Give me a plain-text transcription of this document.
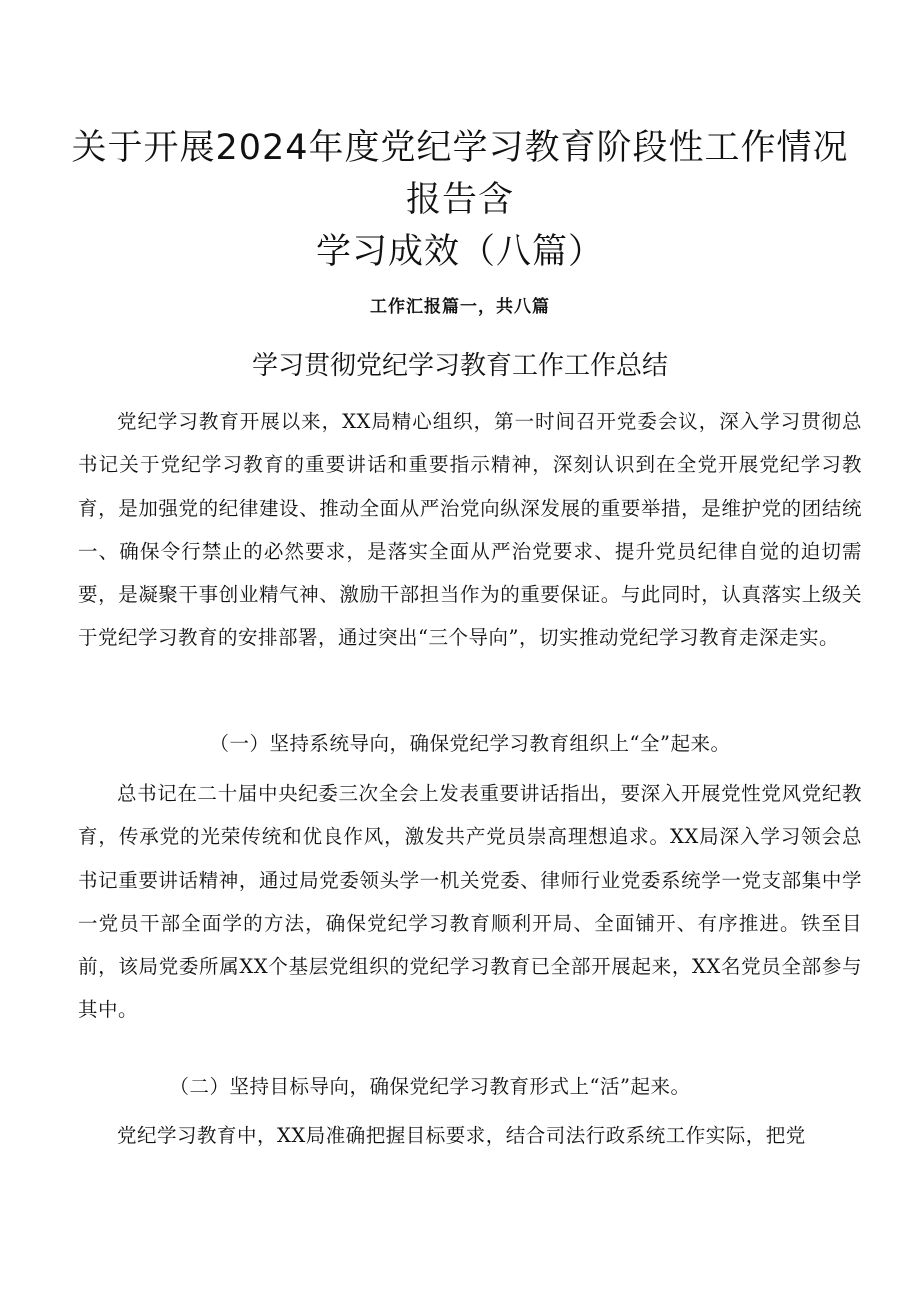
关于开展2024年度党纪学习教育阶段性工作情况报告含
学习成效（八篇）

工作汇报篇一，共八篇

学习贯彻党纪学习教育工作工作总结

党纪学习教育开展以来，XX局精心组织，第一时间召开党委会议，深入学习贯彻总书记关于党纪学习教育的重要讲话和重要指示精神，深刻认识到在全党开展党纪学习教育，是加强党的纪律建设、推动全面从严治党向纵深发展的重要举措，是维护党的团结统一、确保令行禁止的必然要求，是落实全面从严治党要求、提升党员纪律自觉的迫切需要，是凝聚干事创业精气神、激励干部担当作为的重要保证。与此同时，认真落实上级关于党纪学习教育的安排部署，通过突出“三个导向”，切实推动党纪学习教育走深走实。

（一）坚持系统导向，确保党纪学习教育组织上“全”起来。

总书记在二十届中央纪委三次全会上发表重要讲话指出，要深入开展党性党风党纪教育，传承党的光荣传统和优良作风，激发共产党员崇高理想追求。XX局深入学习领会总书记重要讲话精神，通过局党委领头学一机关党委、律师行业党委系统学一党支部集中学一党员干部全面学的方法，确保党纪学习教育顺利开局、全面铺开、有序推进。铁至目前，该局党委所属XX个基层党组织的党纪学习教育已全部开展起来，XX名党员全部参与其中。

（二）坚持目标导向，确保党纪学习教育形式上“活”起来。

党纪学习教育中，XX局准确把握目标要求，结合司法行政系统工作实际，把党
